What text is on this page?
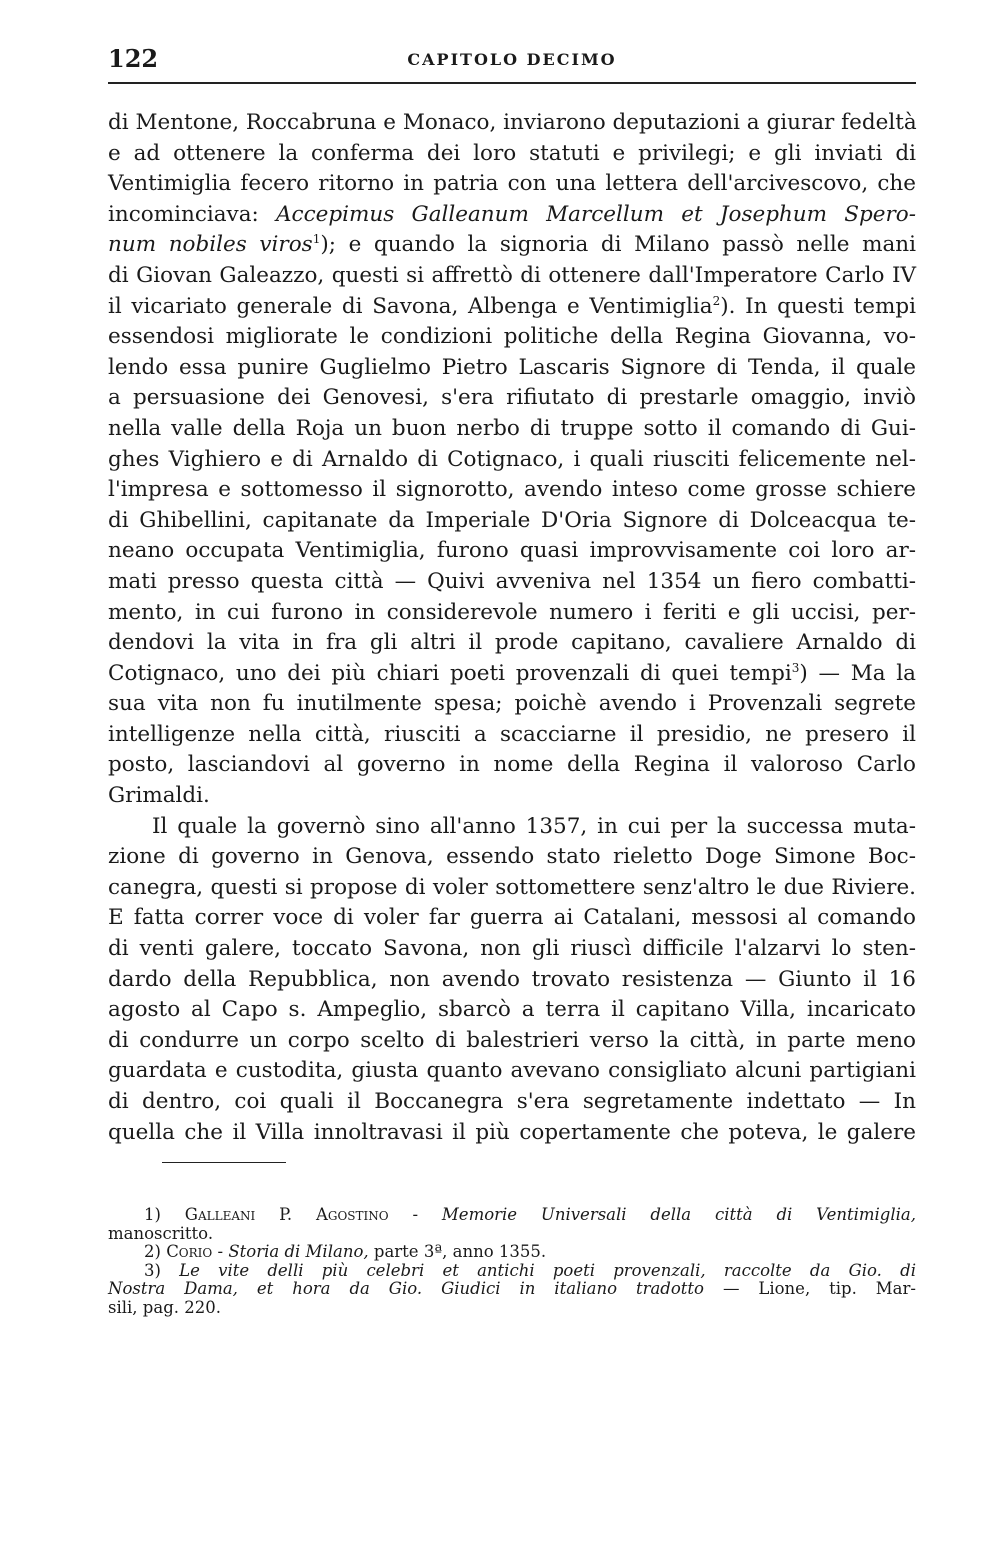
122	CAPITOLO DECIMO
di Mentone, Roccabruna e Monaco, inviarono deputazioni a giurar fedeltà
e ad ottenere la conferma dei loro statuti e privilegi; e gli inviati di
Ventimiglia fecero ritorno in patria con una lettera dell'arcivescovo, che
incominciava: Accepimus Galleanum Marcellum et Josephum Spero-
num nobiles viros$^1$); e quando la signoria di Milano passò nelle mani
di Giovan Galeazzo, questi si affrettò di ottenere dall'Imperatore Carlo IV
il vicariato generale di Savona, Albenga e Ventimiglia$^2$). In questi tempi
essendosi migliorate le condizioni politiche della Regina Giovanna, vo-
lendo essa punire Guglielmo Pietro Lascaris Signore di Tenda, il quale
a persuasione dei Genovesi, s'era rifiutato di prestarle omaggio, inviò
nella valle della Roja un buon nerbo di truppe sotto il comando di Gui-
ghes Vighiero e di Arnaldo di Cotignaco, i quali riusciti felicemente nel-
l'impresa e sottomesso il signorotto, avendo inteso come grosse schiere
di Ghibellini, capitanate da Imperiale D'Oria Signore di Dolceacqua te-
neano occupata Ventimiglia, furono quasi improvvisamente coi loro ar-
mati presso questa città — Quivi avveniva nel 1354 un fiero combatti-
mento, in cui furono in considerevole numero i feriti e gli uccisi, per-
dendovi la vita in fra gli altri il prode capitano, cavaliere Arnaldo di
Cotignaco, uno dei più chiari poeti provenzali di quei tempi$^3$) — Ma la
sua vita non fu inutilmente spesa; poichè avendo i Provenzali segrete
intelligenze nella città, riusciti a scacciarne il presidio, ne presero il
posto, lasciandovi al governo in nome della Regina il valoroso Carlo
Grimaldi.
Il quale la governò sino all'anno 1357, in cui per la successa muta-
zione di governo in Genova, essendo stato rieletto Doge Simone Boc-
canegra, questi si propose di voler sottomettere senz'altro le due Riviere.
E fatta correr voce di voler far guerra ai Catalani, messosi al comando
di venti galere, toccato Savona, non gli riuscì difficile l'alzarvi lo sten-
dardo della Repubblica, non avendo trovato resistenza — Giunto il 16
agosto al Capo s. Ampeglio, sbarcò a terra il capitano Villa, incaricato
di condurre un corpo scelto di balestrieri verso la città, in parte meno
guardata e custodita, giusta quanto avevano consigliato alcuni partigiani
di dentro, coi quali il Boccanegra s'era segretamente indettato — In
quella che il Villa innoltravasi il più copertamente che poteva, le galere
1) Galleani P. Agostino - Memorie Universali della città di Ventimiglia,
manoscritto.
2) Corio - Storia di Milano, parte 3ª, anno 1355.
3) Le vite delli più celebri et antichi poeti provenzali, raccolte da Gio. di
Nostra Dama, et hora da Gio. Giudici in italiano tradotto — Lione, tip. Mar-
sili, pag. 220.
